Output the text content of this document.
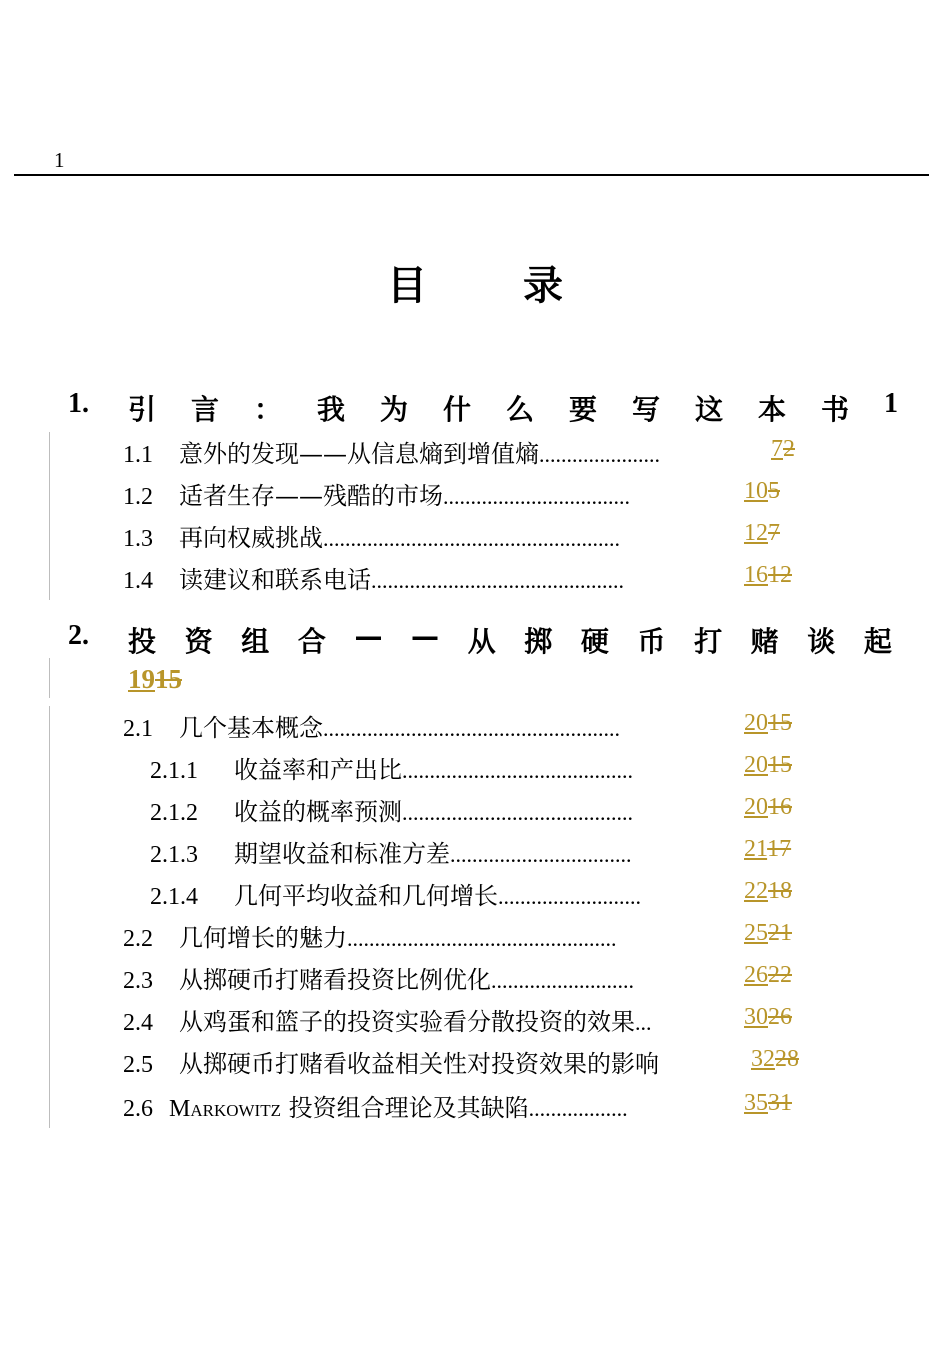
1
目 录
1. 引 言 ： 我 为 什 么 要 写 这 本 书 1
2. 投 资 组 合 — — 从 掷 硬 币 打 赌 谈 起
1915
1.1 意外的发现——从信息熵到增值熵......................	72
1.2 适者生存——残酷的市场..................................	105
1.3 再向权威挑战......................................................	127
1.4 读建议和联系电话..............................................	1612
2.1 几个基本概念......................................................	2015
2.1.1 收益率和产出比..........................................	2015
2.1.2 收益的概率预测..........................................	2016
2.1.3 期望收益和标准方差.................................	2117
2.1.4 几何平均收益和几何增长..........................	2218
2.2 几何增长的魅力.................................................	2521
2.3 从掷硬币打赌看投资比例优化..........................	2622
2.4 从鸡蛋和篮子的投资实验看分散投资的效果...	3026
2.5 从掷硬币打赌看收益相关性对投资效果的影响	3228
2.6 Markowitz 投资组合理论及其缺陷..................	3531
